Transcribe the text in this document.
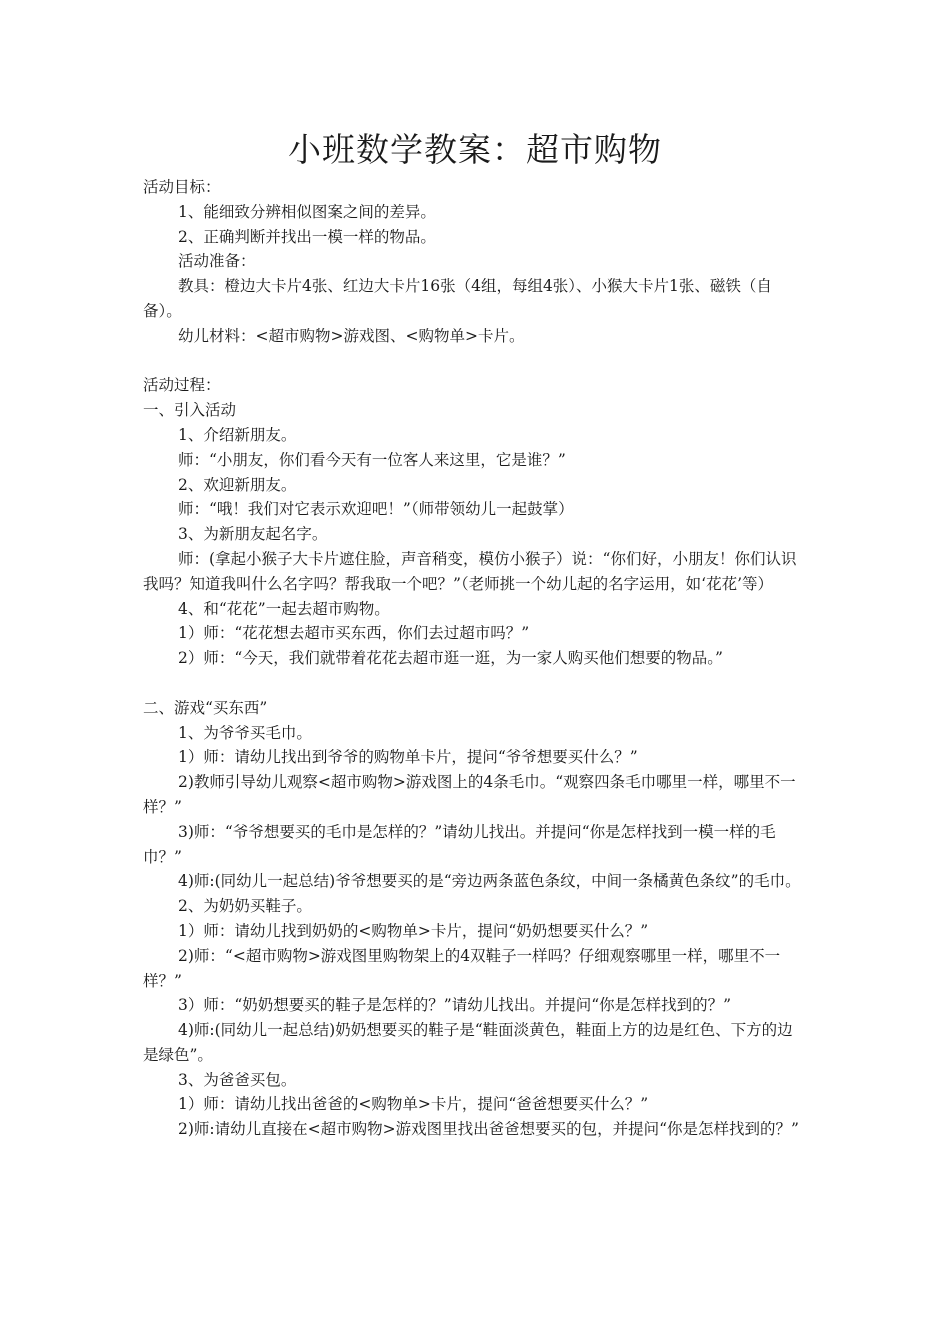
小班数学教案：超市购物

活动目标：

1、能细致分辨相似图案之间的差异。

2、正确判断并找出一模一样的物品。

活动准备：

教具：橙边大卡片4张、红边大卡片16张（4组，每组4张）、小猴大卡片1张、磁铁（自备）。

幼儿材料：<超市购物>游戏图、<购物单>卡片。

活动过程：

一、引入活动

1、介绍新朋友。

师：“小朋友，你们看今天有一位客人来这里，它是谁？”

2、欢迎新朋友。

师：“哦！我们对它表示欢迎吧！”（师带领幼儿一起鼓掌）

3、为新朋友起名字。

师：(拿起小猴子大卡片遮住脸，声音稍变，模仿小猴子）说：“你们好，小朋友！你们认识我吗？知道我叫什么名字吗？帮我取一个吧？”（老师挑一个幼儿起的名字运用，如‘花花’等）

4、和“花花”一起去超市购物。

1）师：“花花想去超市买东西，你们去过超市吗？”

2）师：“今天，我们就带着花花去超市逛一逛，为一家人购买他们想要的物品。”

二、游戏“买东西”

1、为爷爷买毛巾。

1）师：请幼儿找出到爷爷的购物单卡片，提问“爷爷想要买什么？”

2)教师引导幼儿观察<超市购物>游戏图上的4条毛巾。“观察四条毛巾哪里一样，哪里不一样？”

3)师：“爷爷想要买的毛巾是怎样的？”请幼儿找出。并提问“你是怎样找到一模一样的毛巾？”

4)师:(同幼儿一起总结)爷爷想要买的是“旁边两条蓝色条纹，中间一条橘黄色条纹”的毛巾。

2、为奶奶买鞋子。

1）师：请幼儿找到奶奶的<购物单>卡片，提问“奶奶想要买什么？”

2)师：“<超市购物>游戏图里购物架上的4双鞋子一样吗？仔细观察哪里一样，哪里不一样？”

3）师：“奶奶想要买的鞋子是怎样的？”请幼儿找出。并提问“你是怎样找到的？”

4)师:(同幼儿一起总结)奶奶想要买的鞋子是“鞋面淡黄色，鞋面上方的边是红色、下方的边是绿色”。

3、为爸爸买包。

1）师：请幼儿找出爸爸的<购物单>卡片，提问“爸爸想要买什么？”

2)师:请幼儿直接在<超市购物>游戏图里找出爸爸想要买的包，并提问“你是怎样找到的？”
